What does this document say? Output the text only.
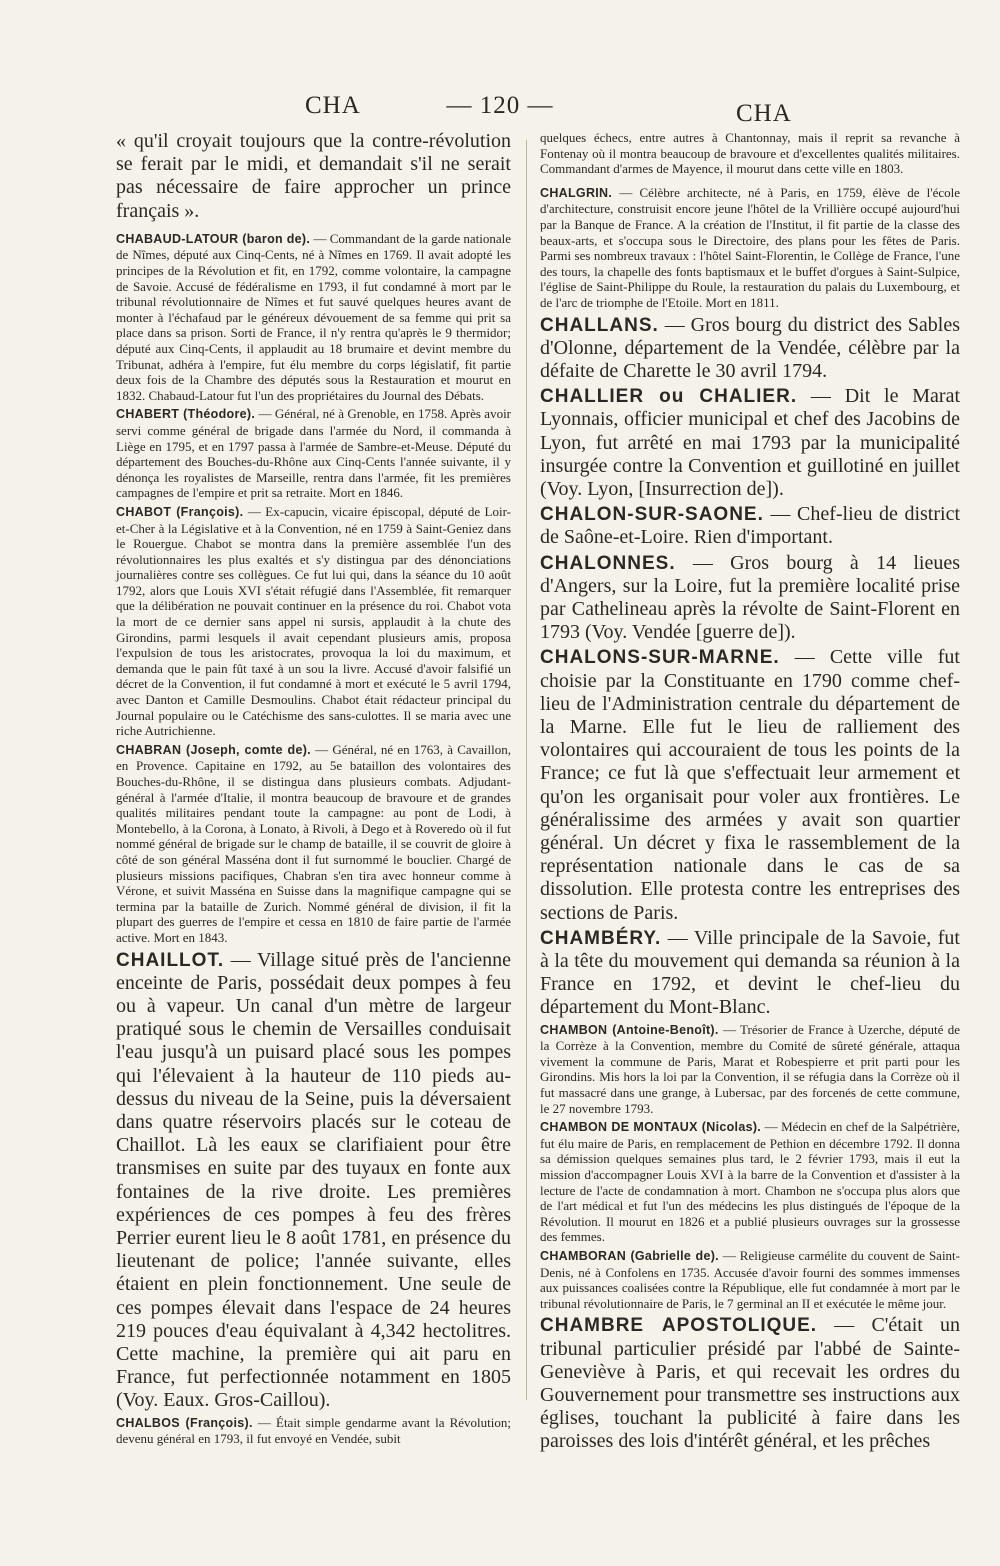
— 120 —
CHA	CHA

« qu'il croyait toujours que la contre-révolution se ferait par le midi, et demandait s'il ne serait pas nécessaire de faire approcher un prince français ».

CHABAUD-LATOUR (baron de). — Commandant de la garde nationale de Nîmes, député aux Cinq-Cents, né à Nîmes en 1769. Il avait adopté les principes de la Révolution et fit, en 1792, comme volontaire, la campagne de Savoie. Accusé de fédéralisme en 1793, il fut condamné à mort par le tribunal révolutionnaire de Nîmes et fut sauvé quelques heures avant de monter à l'échafaud par le généreux dévouement de sa femme qui prit sa place dans sa prison. Sorti de France, il n'y rentra qu'après le 9 thermidor; député aux Cinq-Cents, il applaudit au 18 brumaire et devint membre du Tribunat, adhéra à l'empire, fut élu membre du corps législatif, fit partie deux fois de la Chambre des députés sous la Restauration et mourut en 1832. Chabaud-Latour fut l'un des propriétaires du Journal des Débats.

CHABERT (Théodore). — Général, né à Grenoble, en 1758. Après avoir servi comme général de brigade dans l'armée du Nord, il commanda à Liège en 1795, et en 1797 passa à l'armée de Sambre-et-Meuse. Député du département des Bouches-du-Rhône aux Cinq-Cents l'année suivante, il y dénonça les royalistes de Marseille, rentra dans l'armée, fit les premières campagnes de l'empire et prit sa retraite. Mort en 1846.

CHABOT (François). — Ex-capucin, vicaire épiscopal, député de Loir-et-Cher à la Législative et à la Convention, né en 1759 à Saint-Geniez dans le Rouergue. Chabot se montra dans la première assemblée l'un des révolutionnaires les plus exaltés et s'y distingua par des dénonciations journalières contre ses collègues. Ce fut lui qui, dans la séance du 10 août 1792, alors que Louis XVI s'était réfugié dans l'Assemblée, fit remarquer que la délibération ne pouvait continuer en la présence du roi. Chabot vota la mort de ce dernier sans appel ni sursis, applaudit à la chute des Girondins, parmi lesquels il avait cependant plusieurs amis, proposa l'expulsion de tous les aristocrates, provoqua la loi du maximum, et demanda que le pain fût taxé à un sou la livre. Accusé d'avoir falsifié un décret de la Convention, il fut condamné à mort et exécuté le 5 avril 1794, avec Danton et Camille Desmoulins. Chabot était rédacteur principal du Journal populaire ou le Catéchisme des sans-culottes. Il se maria avec une riche Autrichienne.

CHABRAN (Joseph, comte de). — Général, né en 1763, à Cavaillon, en Provence. Capitaine en 1792, au 5e bataillon des volontaires des Bouches-du-Rhône, il se distingua dans plusieurs combats. Adjudant-général à l'armée d'Italie, il montra beaucoup de bravoure et de grandes qualités militaires pendant toute la campagne: au pont de Lodi, à Montebello, à la Corona, à Lonato, à Rivoli, à Dego et à Roveredo où il fut nommé général de brigade sur le champ de bataille, il se couvrit de gloire à côté de son général Masséna dont il fut surnommé le bouclier. Chargé de plusieurs missions pacifiques, Chabran s'en tira avec honneur comme à Vérone, et suivit Masséna en Suisse dans la magnifique campagne qui se termina par la bataille de Zurich. Nommé général de division, il fit la plupart des guerres de l'empire et cessa en 1810 de faire partie de l'armée active. Mort en 1843.

CHAILLOT. — Village situé près de l'ancienne enceinte de Paris, possédait deux pompes à feu ou à vapeur. Un canal d'un mètre de largeur pratiqué sous le chemin de Versailles conduisait l'eau jusqu'à un puisard placé sous les pompes qui l'élevaient à la hauteur de 110 pieds au-dessus du niveau de la Seine, puis la déversaient dans quatre réservoirs placés sur le coteau de Chaillot. Là les eaux se clarifiaient pour être transmises en suite par des tuyaux en fonte aux fontaines de la rive droite. Les premières expériences de ces pompes à feu des frères Perrier eurent lieu le 8 août 1781, en présence du lieutenant de police; l'année suivante, elles étaient en plein fonctionnement. Une seule de ces pompes élevait dans l'espace de 24 heures 219 pouces d'eau équivalant à 4,342 hectolitres. Cette machine, la première qui ait paru en France, fut perfectionnée notamment en 1805 (Voy. Eaux. Gros-Caillou).

CHALBOS (François). — Était simple gendarme avant la Révolution; devenu général en 1793, il fut envoyé en Vendée, subit

quelques échecs, entre autres à Chantonnay, mais il reprit sa revanche à Fontenay où il montra beaucoup de bravoure et d'excellentes qualités militaires. Commandant d'armes de Mayence, il mourut dans cette ville en 1803.

CHALGRIN. — Célèbre architecte, né à Paris, en 1759, élève de l'école d'architecture, construisit encore jeune l'hôtel de la Vrillière occupé aujourd'hui par la Banque de France. A la création de l'Institut, il fit partie de la classe des beaux-arts, et s'occupa sous le Directoire, des plans pour les fêtes de Paris. Parmi ses nombreux travaux : l'hôtel Saint-Florentin, le Collège de France, l'une des tours, la chapelle des fonts baptismaux et le buffet d'orgues à Saint-Sulpice, l'église de Saint-Philippe du Roule, la restauration du palais du Luxembourg, et de l'arc de triomphe de l'Etoile. Mort en 1811.

CHALLANS. — Gros bourg du district des Sables d'Olonne, département de la Vendée, célèbre par la défaite de Charette le 30 avril 1794.

CHALLIER ou CHALIER. — Dit le Marat Lyonnais, officier municipal et chef des Jacobins de Lyon, fut arrêté en mai 1793 par la municipalité insurgée contre la Convention et guillotiné en juillet (Voy. Lyon, [Insurrection de]).

CHALON-SUR-SAONE. — Chef-lieu de district de Saône-et-Loire. Rien d'important.

CHALONNES. — Gros bourg à 14 lieues d'Angers, sur la Loire, fut la première localité prise par Cathelineau après la révolte de Saint-Florent en 1793 (Voy. Vendée [guerre de]).

CHALONS-SUR-MARNE. — Cette ville fut choisie par la Constituante en 1790 comme chef-lieu de l'Administration centrale du département de la Marne. Elle fut le lieu de ralliement des volontaires qui accouraient de tous les points de la France; ce fut là que s'effectuait leur armement et qu'on les organisait pour voler aux frontières. Le généralissime des armées y avait son quartier général. Un décret y fixa le rassemblement de la représentation nationale dans le cas de sa dissolution. Elle protesta contre les entreprises des sections de Paris.

CHAMBÉRY. — Ville principale de la Savoie, fut à la tête du mouvement qui demanda sa réunion à la France en 1792, et devint le chef-lieu du département du Mont-Blanc.

CHAMBON (Antoine-Benoît). — Trésorier de France à Uzerche, député de la Corrèze à la Convention, membre du Comité de sûreté générale, attaqua vivement la commune de Paris, Marat et Robespierre et prit parti pour les Girondins. Mis hors la loi par la Convention, il se réfugia dans la Corrèze où il fut massacré dans une grange, à Lubersac, par des forcenés de cette commune, le 27 novembre 1793.

CHAMBON DE MONTAUX (Nicolas). — Médecin en chef de la Salpétrière, fut élu maire de Paris, en remplacement de Pethion en décembre 1792. Il donna sa démission quelques semaines plus tard, le 2 février 1793, mais il eut la mission d'accompagner Louis XVI à la barre de la Convention et d'assister à la lecture de l'acte de condamnation à mort. Chambon ne s'occupa plus alors que de l'art médical et fut l'un des médecins les plus distingués de l'époque de la Révolution. Il mourut en 1826 et a publié plusieurs ouvrages sur la grossesse des femmes.

CHAMBORAN (Gabrielle de). — Religieuse carmélite du couvent de Saint-Denis, né à Confolens en 1735. Accusée d'avoir fourni des sommes immenses aux puissances coalisées contre la République, elle fut condamnée à mort par le tribunal révolutionnaire de Paris, le 7 germinal an II et exécutée le même jour.

CHAMBRE APOSTOLIQUE. — C'était un tribunal particulier présidé par l'abbé de Sainte-Geneviève à Paris, et qui recevait les ordres du Gouvernement pour transmettre ses instructions aux églises, touchant la publicité à faire dans les paroisses des lois d'intérêt général, et les prêches
